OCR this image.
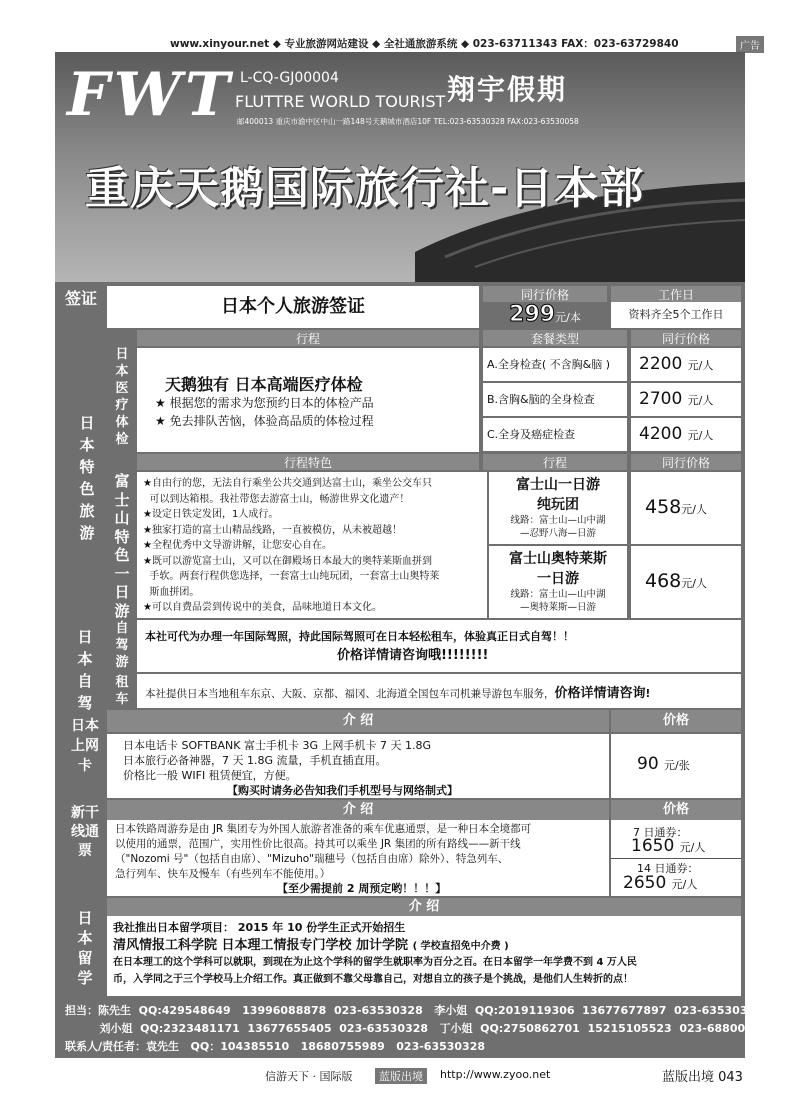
www.xinyour.net ◆ 专业旅游网站建设 ◆ 全社通旅游系统 ◆ 023-63711343 FAX：023-63729840	广告
FWT L-CQ-GJ00004
FLUTTRE WORLD TOURIST 翔宇假期
邮400013 重庆市渝中区中山一路148号天鹅城市酒店10F TEL:023-63530328 FAX:023-63530058
重庆天鹅国际旅行社-日本部
签证	日本个人旅游签证
同行价格
299元/本
工作日
资料齐全5个工作日
日本特色旅游
日本医疗体检
行程	套餐类型	同行价格
天鹅独有 日本高端医疗体检
★ 根据您的需求为您预约日本的体检产品
★ 免去排队苦恼，体验高品质的体检过程
A.全身检查( 不含胸&脑 )	2200 元/人
B.含胸&脑的全身检查	2700 元/人
C.全身及癌症检查	4200 元/人
富士山特色一日游
行程特色	行程	同行价格
★自由行的您，无法自行乘坐公共交通到达富士山，乘坐公交车只
可以到达箱根。我社带您去游富士山，畅游世界文化遗产！
★设定日铁定发团，1人成行。
★独家打造的富士山精品线路，一直被模仿，从未被超越！
★全程优秀中文导游讲解，让您安心自在。
★既可以游览富士山，又可以在御殿场日本最大的奥特莱斯血拼到
手软。两套行程供您选择，一套富士山纯玩团，一套富士山奥特莱
斯血拼团。
★可以自费品尝到传说中的美食，品味地道日本文化。
富士山一日游
纯玩团
线路：富士山—山中湖
—忍野八海—日游
458元/人
富士山奥特莱斯
一日游
线路：富士山—山中湖
—奥特莱斯—日游
468元/人
日本自驾
自驾游
本社可代为办理一年国际驾照，持此国际驾照可在日本轻松租车，体验真正日式自驾！！
价格详情请咨询哦!!!!!!!!
租车	本社提供日本当地租车东京、大阪、京都、福冈、北海道全国包车司机兼导游包车服务，价格详情请咨询!
日本上网卡
介 绍	价格
日本电话卡 SOFTBANK 富士手机卡 3G 上网手机卡 7 天 1.8G
日本旅行必备神器，7 天 1.8G 流量，手机直插直用。
价格比一般 WIFI 租赁便宜，方便。
【购买时请务必告知我们手机型号与网络制式】
90 元/张
新干线通票
介 绍	价格
日本铁路周游券是由 JR 集团专为外国人旅游者准备的乘车优惠通票，是一种日本全境都可
以使用的通票，范围广，实用性价比很高。持其可以乘坐 JR 集团的所有路线——新干线
（"Nozomi 号"（包括自由席）、"Mizuho"瑞穗号（包括自由席）除外）、特急列车、
急行列车、快车及慢车（有些列车不能使用。）
【至少需提前 2 周预定哟！！！】
7 日通券：
1650 元/人
14 日通券：
2650 元/人
日本留学
介 绍
我社推出日本留学项目： 2015 年 10 份学生正式开始招生
清风情报工科学院 日本理工情报专门学校 加计学院 ( 学校直招免中介费 )
在日本理工的这个学科可以就职，到现在为止这个学科的留学生就职率为百分之百。在日本留学一年学费不到 4 万人民
币，入学同之于三个学校马上介绍工作。真正做到不靠父母靠自己，对想自立的孩子是个挑战，是他们人生转折的点！
担当：陈先生  QQ:429548649   13996088878  023-63530328   李小姐  QQ:2019119306  13677677897  023-63530328
刘小姐  QQ:2323481171  13677655405  023-63530328   丁小姐  QQ:2750862701  15215105523  023-68800513
联系人/责任者：袁先生   QQ：104385510   18680755989   023-63530328
信游天下 · 国际版	蓝版出境	http://www.zyoo.net	蓝版出境 043
